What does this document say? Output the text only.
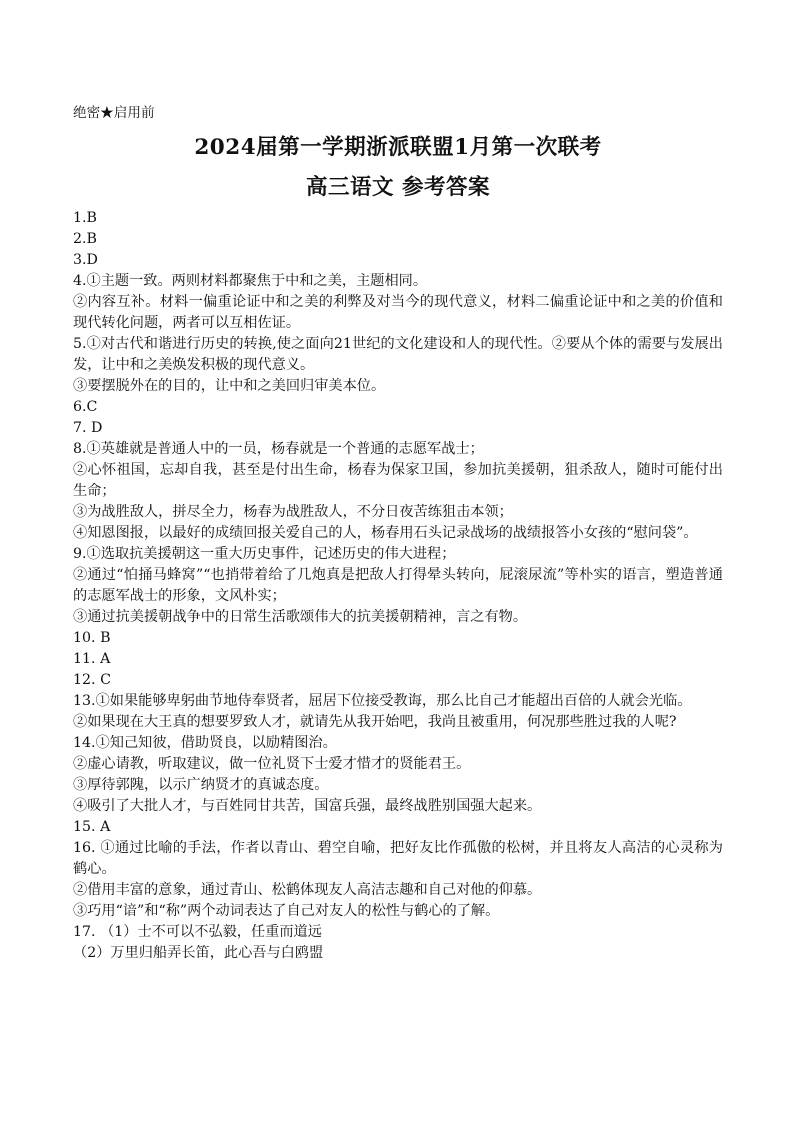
绝密★启用前

2024届第一学期浙派联盟1月第一次联考
高三语文 参考答案

1.B

2.B

3.D

4.①主题一致。两则材料都聚焦于中和之美，主题相同。

②内容互补。材料一偏重论证中和之美的利弊及对当今的现代意义，材料二偏重论证中和之美的价值和现代转化问题，两者可以互相佐证。

5.①对古代和谐进行历史的转换,使之面向21世纪的文化建设和人的现代性。②要从个体的需要与发展出发，让中和之美焕发积极的现代意义。

③要摆脱外在的目的，让中和之美回归审美本位。

6.C

7. D

8.①英雄就是普通人中的一员，杨春就是一个普通的志愿军战士；

②心怀祖国，忘却自我，甚至是付出生命，杨春为保家卫国，参加抗美援朝，狙杀敌人，随时可能付出生命；

③为战胜敌人，拼尽全力，杨春为战胜敌人，不分日夜苦练狙击本领；

④知恩图报，以最好的成绩回报关爱自己的人，杨春用石头记录战场的战绩报答小女孩的“慰问袋”。

9.①选取抗美援朝这一重大历史事件，记述历史的伟大进程；

②通过“怕捅马蜂窝”“也捎带着给了几炮真是把敌人打得晕头转向，屁滚尿流”等朴实的语言，塑造普通的志愿军战士的形象，文风朴实；

③通过抗美援朝战争中的日常生活歌颂伟大的抗美援朝精神，言之有物。

10. B

11. A

12. C

13.①如果能够卑躬曲节地侍奉贤者，屈居下位接受教诲，那么比自己才能超出百倍的人就会光临。

②如果现在大王真的想要罗致人才，就请先从我开始吧，我尚且被重用，何况那些胜过我的人呢?

14.①知己知彼，借助贤良，以励精图治。

②虚心请教，听取建议，做一位礼贤下士爱才惜才的贤能君王。

③厚待郭隗，以示广纳贤才的真诚态度。

④吸引了大批人才，与百姓同甘共苦，国富兵强，最终战胜别国强大起来。

15. A

16. ①通过比喻的手法，作者以青山、碧空自喻，把好友比作孤傲的松树，并且将友人高洁的心灵称为鹤心。

②借用丰富的意象，通过青山、松鹤体现友人高洁志趣和自己对他的仰慕。

③巧用“谙”和“称”两个动词表达了自己对友人的松性与鹤心的了解。

17. （1）士不可以不弘毅，任重而道远

（2）万里归船弄长笛，此心吾与白鸥盟
